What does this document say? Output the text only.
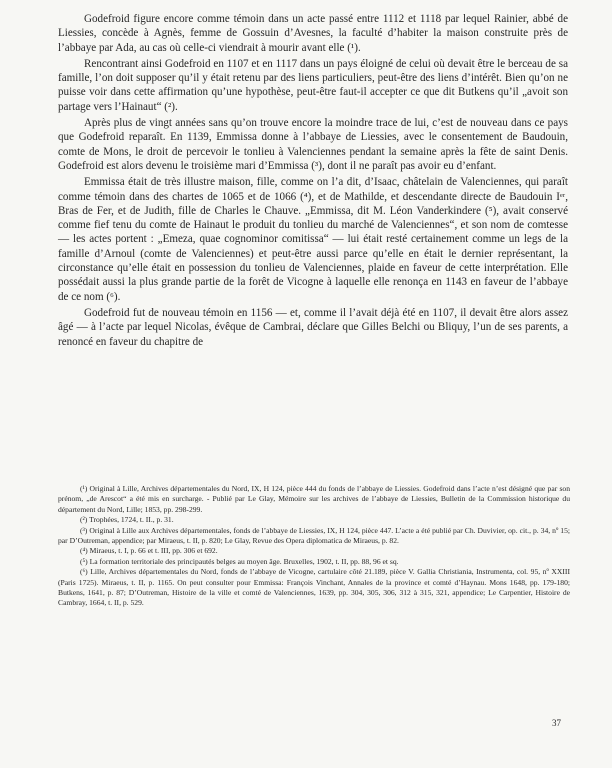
Godefroid figure encore comme témoin dans un acte passé entre 1112 et 1118 par lequel Rainier, abbé de Liessies, concède à Agnès, femme de Gossuin d’Avesnes, la faculté d’habiter la maison construite près de l’abbaye par Ada, au cas où celle-ci viendrait à mourir avant elle (¹).

Rencontrant ainsi Godefroid en 1107 et en 1117 dans un pays éloigné de celui où devait être le berceau de sa famille, l’on doit supposer qu’il y était retenu par des liens particuliers, peut-être des liens d’intérêt. Bien qu’on ne puisse voir dans cette affirmation qu’une hypothèse, peut-être faut-il accepter ce que dit Butkens qu’il „avoit son partage vers l’Hainaut“ (²).

Après plus de vingt années sans qu’on trouve encore la moindre trace de lui, c’est de nouveau dans ce pays que Godefroid reparaît. En 1139, Emmissa donne à l’abbaye de Liessies, avec le consentement de Baudouin, comte de Mons, le droit de percevoir le tonlieu à Valenciennes pendant la semaine après la fête de saint Denis. Godefroid est alors devenu le troisième mari d’Emmissa (³), dont il ne paraît pas avoir eu d’enfant.

Emmissa était de très illustre maison, fille, comme on l’a dit, d’Isaac, châtelain de Valenciennes, qui paraît comme témoin dans des chartes de 1065 et de 1066 (⁴), et de Mathilde, et descendante directe de Baudouin Iᵉʳ, Bras de Fer, et de Judith, fille de Charles le Chauve. „Emmissa, dit M. Léon Vanderkindere (⁵), avait conservé comme fief tenu du comte de Hainaut le produit du tonlieu du marché de Valenciennes“, et son nom de comtesse — les actes portent : „Emeza, quae cognominor comitissa“ — lui était resté certainement comme un legs de la famille d’Arnoul (comte de Valenciennes) et peut-être aussi parce qu’elle en était le dernier représentant, la circonstance qu’elle était en possession du tonlieu de Valenciennes, plaide en faveur de cette interprétation. Elle possédait aussi la plus grande partie de la forêt de Vicogne à laquelle elle renonça en 1143 en faveur de l’abbaye de ce nom (⁶).

Godefroid fut de nouveau témoin en 1156 — et, comme il l’avait déjà été en 1107, il devait être alors assez âgé — à l’acte par lequel Nicolas, évêque de Cambrai, déclare que Gilles Belchi ou Bliquy, l’un de ses parents, a renoncé en faveur du chapitre de

(¹) Original à Lille, Archives départementales du Nord, IX, H 124, pièce 444 du fonds de l’abbaye de Liessies. Godefroid dans l’acte n’est désigné que par son prénom, „de Arescot“ a été mis en surcharge. - Publié par Le Glay, Mémoire sur les archives de l’abbaye de Liessies, Bulletin de la Commission historique du département du Nord, Lille; 1853, pp. 298-299.

(²) Trophées, 1724, t. II., p. 31.

(³) Original à Lille aux Archives départementales, fonds de l’abbaye de Liessies, IX, H 124, pièce 447. L’acte a été publié par Ch. Duvivier, op. cit., p. 34, nº 15; par D’Outreman, appendice; par Miraeus, t. II, p. 820; Le Glay, Revue des Opera diplomatica de Miraeus, p. 82.

(⁴) Miraeus, t. I, p. 66 et t. III, pp. 306 et 692.

(⁵) La formation territoriale des principautés belges au moyen âge. Bruxelles, 1902, t. II, pp. 88, 96 et sq.

(⁶) Lille, Archives départementales du Nord, fonds de l’abbaye de Vicogne, cartulaire côté 21.189, pièce V. Gallia Christiania, Instrumenta, col. 95, nº XXIII (Paris 1725). Miraeus, t. II, p. 1165. On peut consulter pour Emmissa: François Vinchant, Annales de la province et comté d’Haynau. Mons 1648, pp. 179-180; Butkens, 1641, p. 87; D’Outreman, Histoire de la ville et comté de Valenciennes, 1639, pp. 304, 305, 306, 312 à 315, 321, appendice; Le Carpentier, Histoire de Cambray, 1664, t. II, p. 529.

37
